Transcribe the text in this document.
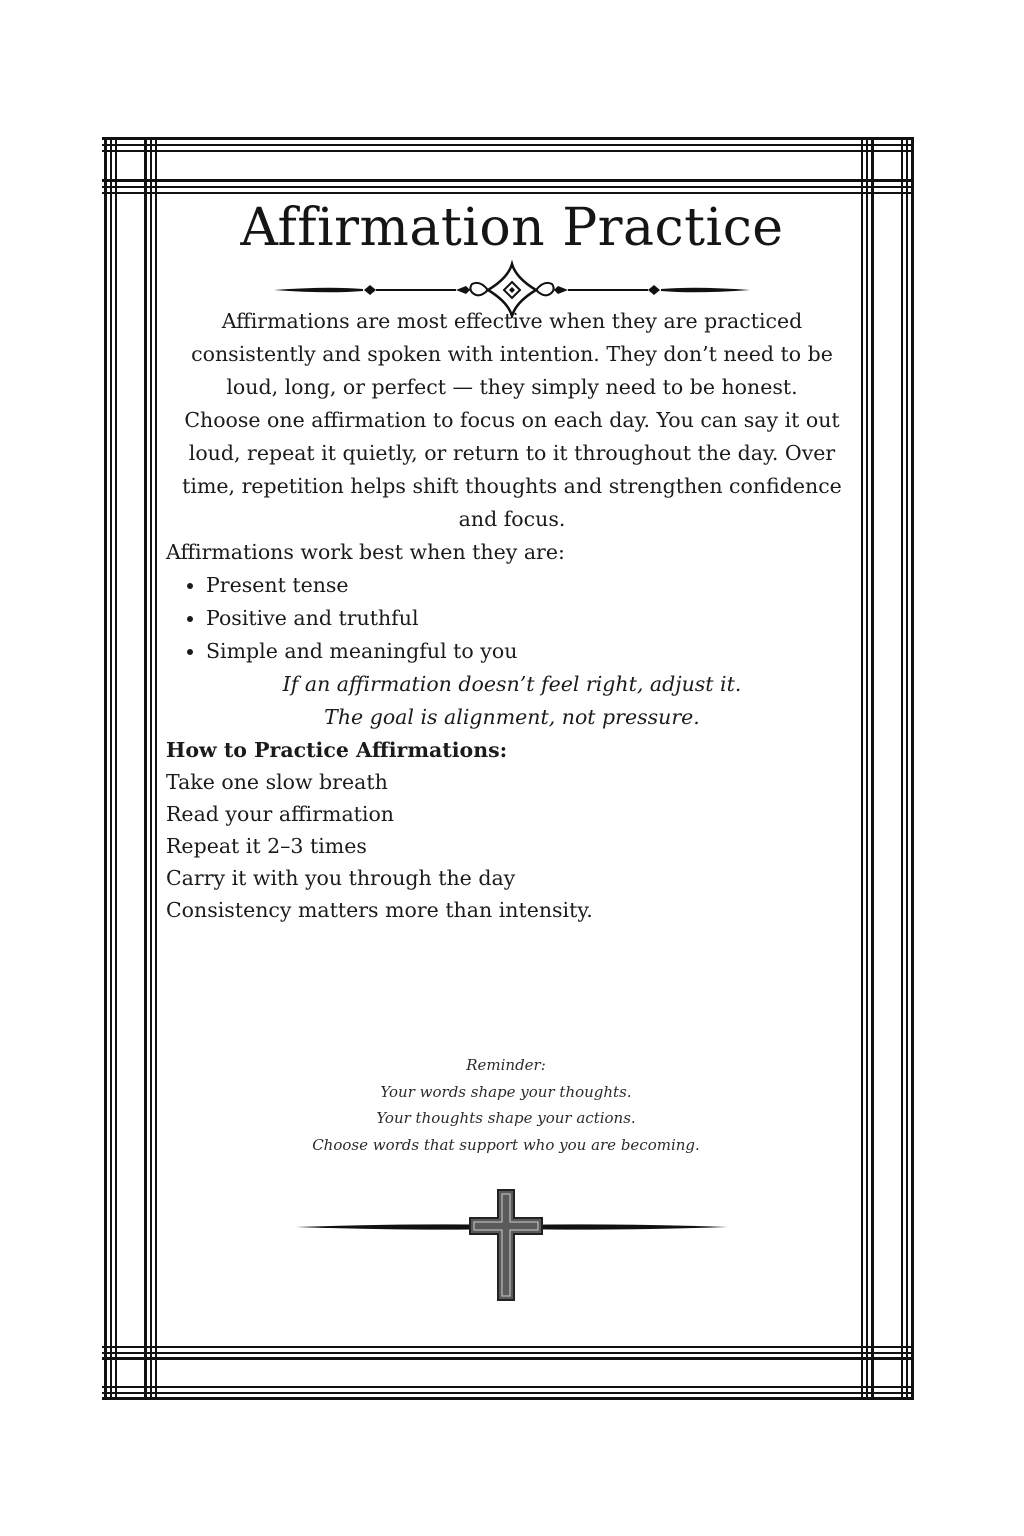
Affirmation Practice

Affirmations are most effective when they are practiced consistently and spoken with intention. They don’t need to be loud, long, or perfect — they simply need to be honest.

Choose one affirmation to focus on each day. You can say it out loud, repeat it quietly, or return to it throughout the day. Over time, repetition helps shift thoughts and strengthen confidence and focus.

Affirmations work best when they are:

• Present tense
• Positive and truthful
• Simple and meaningful to you

If an affirmation doesn’t feel right, adjust it.

The goal is alignment, not pressure.

How to Practice Affirmations:

Take one slow breath

Read your affirmation

Repeat it 2–3 times

Carry it with you through the day

Consistency matters more than intensity.

Reminder:

Your words shape your thoughts.

Your thoughts shape your actions.

Choose words that support who you are becoming.
